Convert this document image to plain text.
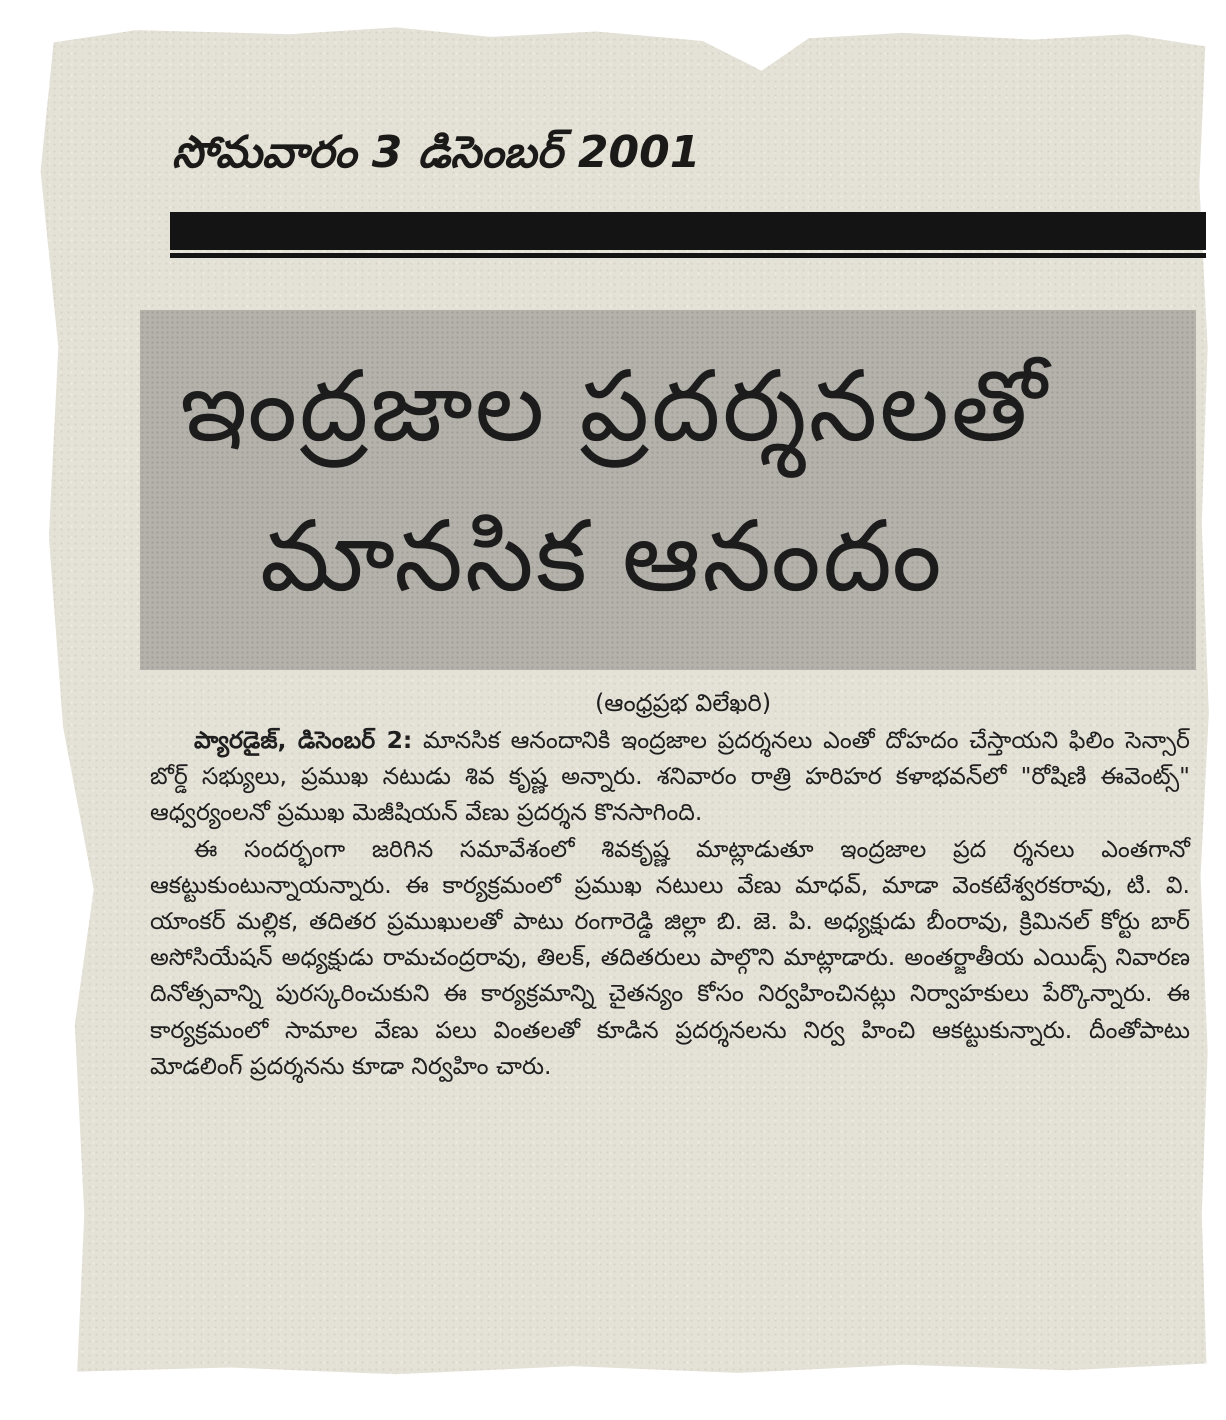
సోమవారం 3 డిసెంబర్ 2001
ఇంద్రజాల ప్రదర్శనలతో
మానసిక ఆనందం
(ఆంధ్రప్రభ విలేఖరి)

ప్యారడైజ్, డిసెంబర్ 2: మానసిక ఆనందానికి ఇంద్రజాల ప్రదర్శనలు ఎంతో దోహదం చేస్తాయని ఫిలిం సెన్సార్ బోర్డ్ సభ్యులు, ప్రముఖ నటుడు శివ కృష్ణ అన్నారు. శనివారం రాత్రి హరిహర కళాభవన్‌లో "రోషిణి ఈవెంట్స్" ఆధ్వర్యంలనో ప్రముఖ మెజీషియన్ వేణు ప్రదర్శన కొనసాగింది.

ఈ సందర్భంగా జరిగిన సమావేశంలో శివకృష్ణ మాట్లాడుతూ ఇంద్రజాల ప్రద ర్శనలు ఎంతగానో ఆకట్టుకుంటున్నాయన్నారు. ఈ కార్యక్రమంలో ప్రముఖ నటులు వేణు మాధవ్, మాడా వెంకటేశ్వరకరావు, టి. వి. యాంకర్ మల్లిక, తదితర ప్రముఖులతో పాటు రంగారెడ్డి జిల్లా బి. జె. పి. అధ్యక్షుడు బీంరావు, క్రిమినల్ కోర్టు బార్ అసోసియేషన్ అధ్యక్షుడు రామచంద్రరావు, తిలక్, తదితరులు పాల్గొని మాట్లాడారు. అంతర్జాతీయ ఎయిడ్స్ నివారణ దినోత్సవాన్ని పురస్కరించుకుని ఈ కార్యక్రమాన్ని చైతన్యం కోసం నిర్వహించినట్లు నిర్వాహకులు పేర్కొన్నారు. ఈ కార్యక్రమంలో సామాల వేణు పలు వింతలతో కూడిన ప్రదర్శనలను నిర్వ హించి ఆకట్టుకున్నారు. దీంతోపాటు మోడలింగ్ ప్రదర్శనను కూడా నిర్వహిం చారు.
